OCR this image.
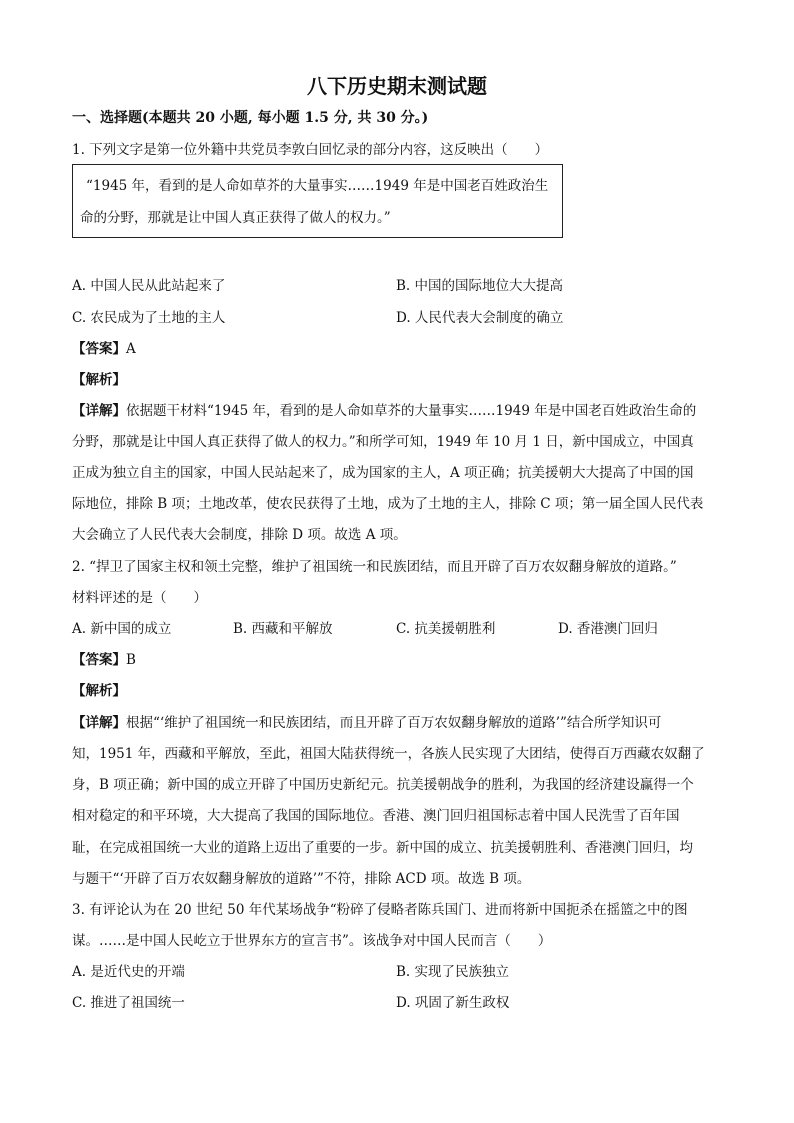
八下历史期末测试题
一、选择题(本题共 20 小题, 每小题 1.5 分, 共 30 分。)
1. 下列文字是第一位外籍中共党员李敦白回忆录的部分内容，这反映出（　　）
“1945 年，看到的是人命如草芥的大量事实……1949 年是中国老百姓政治生
命的分野，那就是让中国人真正获得了做人的权力。”
A. 中国人民从此站起来了	B. 中国的国际地位大大提高
C. 农民成为了土地的主人	D. 人民代表大会制度的确立
【答案】A
【解析】
【详解】依据题干材料“1945 年，看到的是人命如草芥的大量事实……1949 年是中国老百姓政治生命的
分野，那就是让中国人真正获得了做人的权力。”和所学可知，1949 年 10 月 1 日，新中国成立，中国真
正成为独立自主的国家，中国人民站起来了，成为国家的主人，A 项正确；抗美援朝大大提高了中国的国
际地位，排除 B 项；土地改革，使农民获得了土地，成为了土地的主人，排除 C 项；第一届全国人民代表
大会确立了人民代表大会制度，排除 D 项。故选 A 项。
2. “捍卫了国家主权和领土完整，维护了祖国统一和民族团结，而且开辟了百万农奴翻身解放的道路。”
材料评述的是（　　）
A. 新中国的成立	B. 西藏和平解放	C. 抗美援朝胜利	D. 香港澳门回归
【答案】B
【解析】
【详解】根据“‘维护了祖国统一和民族团结，而且开辟了百万农奴翻身解放的道路’”结合所学知识可
知，1951 年，西藏和平解放，至此，祖国大陆获得统一，各族人民实现了大团结，使得百万西藏农奴翻了
身，B 项正确；新中国的成立开辟了中国历史新纪元。抗美援朝战争的胜利，为我国的经济建设赢得一个
相对稳定的和平环境，大大提高了我国的国际地位。香港、澳门回归祖国标志着中国人民洗雪了百年国
耻，在完成祖国统一大业的道路上迈出了重要的一步。新中国的成立、抗美援朝胜利、香港澳门回归，均
与题干“‘开辟了百万农奴翻身解放的道路’”不符，排除 ACD 项。故选 B 项。
3. 有评论认为在 20 世纪 50 年代某场战争“粉碎了侵略者陈兵国门、进而将新中国扼杀在摇篮之中的图
谋。……是中国人民屹立于世界东方的宣言书”。该战争对中国人民而言（　　）
A. 是近代史的开端	B. 实现了民族独立
C. 推进了祖国统一	D. 巩固了新生政权
